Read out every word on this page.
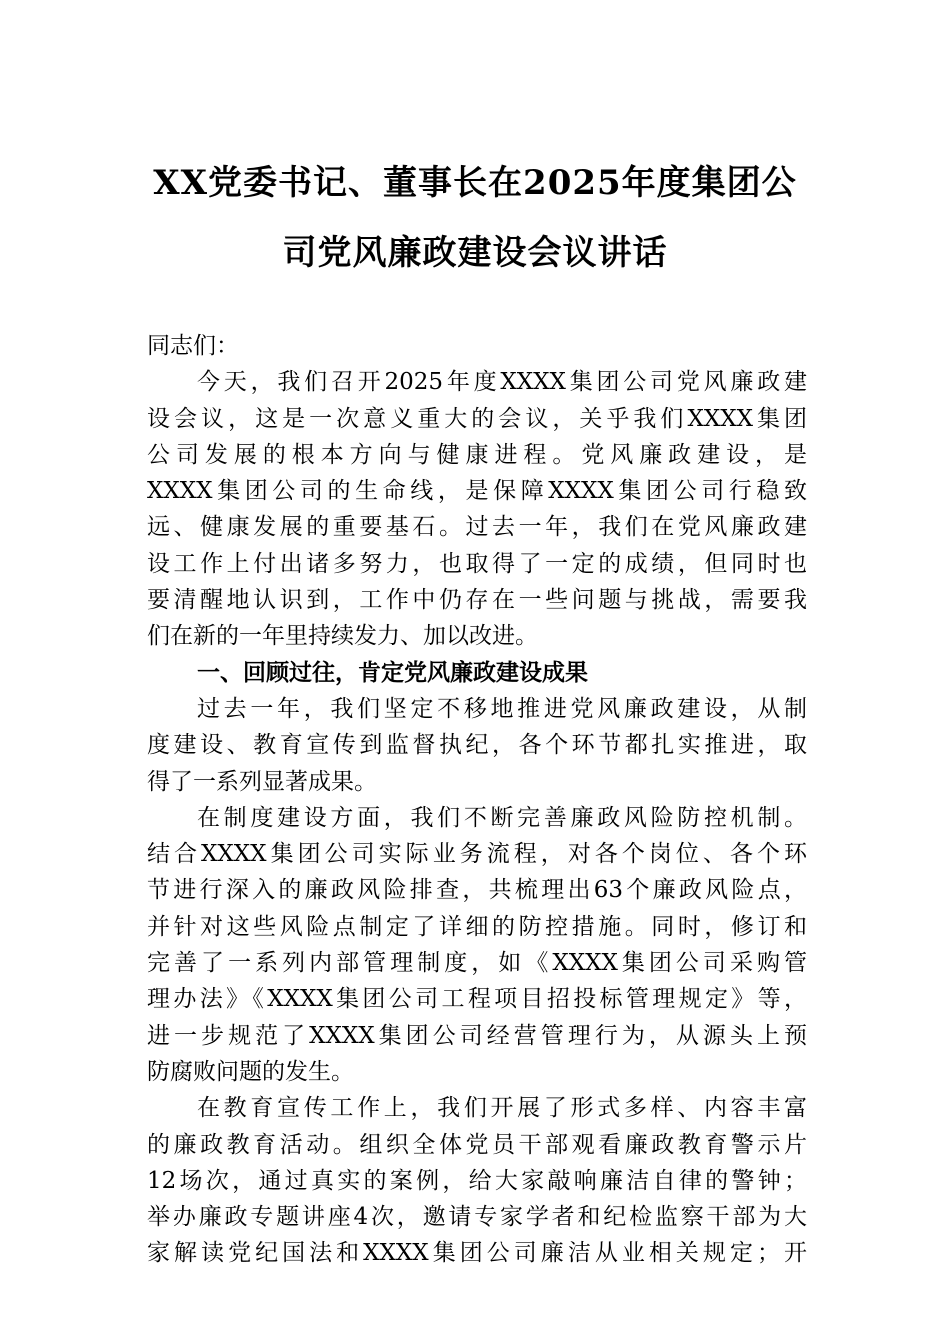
XX党委书记、董事长在2025年度集团公
司党风廉政建设会议讲话
同志们：
今天，我们召开2025年度XXXX集团公司党风廉政建
设会议，这是一次意义重大的会议，关乎我们XXXX集团
公司发展的根本方向与健康进程。党风廉政建设，是
XXXX集团公司的生命线，是保障XXXX集团公司行稳致
远、健康发展的重要基石。过去一年，我们在党风廉政建
设工作上付出诸多努力，也取得了一定的成绩，但同时也
要清醒地认识到，工作中仍存在一些问题与挑战，需要我
们在新的一年里持续发力、加以改进。
一、回顾过往，肯定党风廉政建设成果
过去一年，我们坚定不移地推进党风廉政建设，从制
度建设、教育宣传到监督执纪，各个环节都扎实推进，取
得了一系列显著成果。
在制度建设方面，我们不断完善廉政风险防控机制。
结合XXXX集团公司实际业务流程，对各个岗位、各个环
节进行深入的廉政风险排查，共梳理出63个廉政风险点，
并针对这些风险点制定了详细的防控措施。同时，修订和
完善了一系列内部管理制度，如《XXXX集团公司采购管
理办法》《XXXX集团公司工程项目招投标管理规定》等，
进一步规范了XXXX集团公司经营管理行为，从源头上预
防腐败问题的发生。
在教育宣传工作上，我们开展了形式多样、内容丰富
的廉政教育活动。组织全体党员干部观看廉政教育警示片
12场次，通过真实的案例，给大家敲响廉洁自律的警钟；
举办廉政专题讲座4次，邀请专家学者和纪检监察干部为大
家解读党纪国法和XXXX集团公司廉洁从业相关规定；开
